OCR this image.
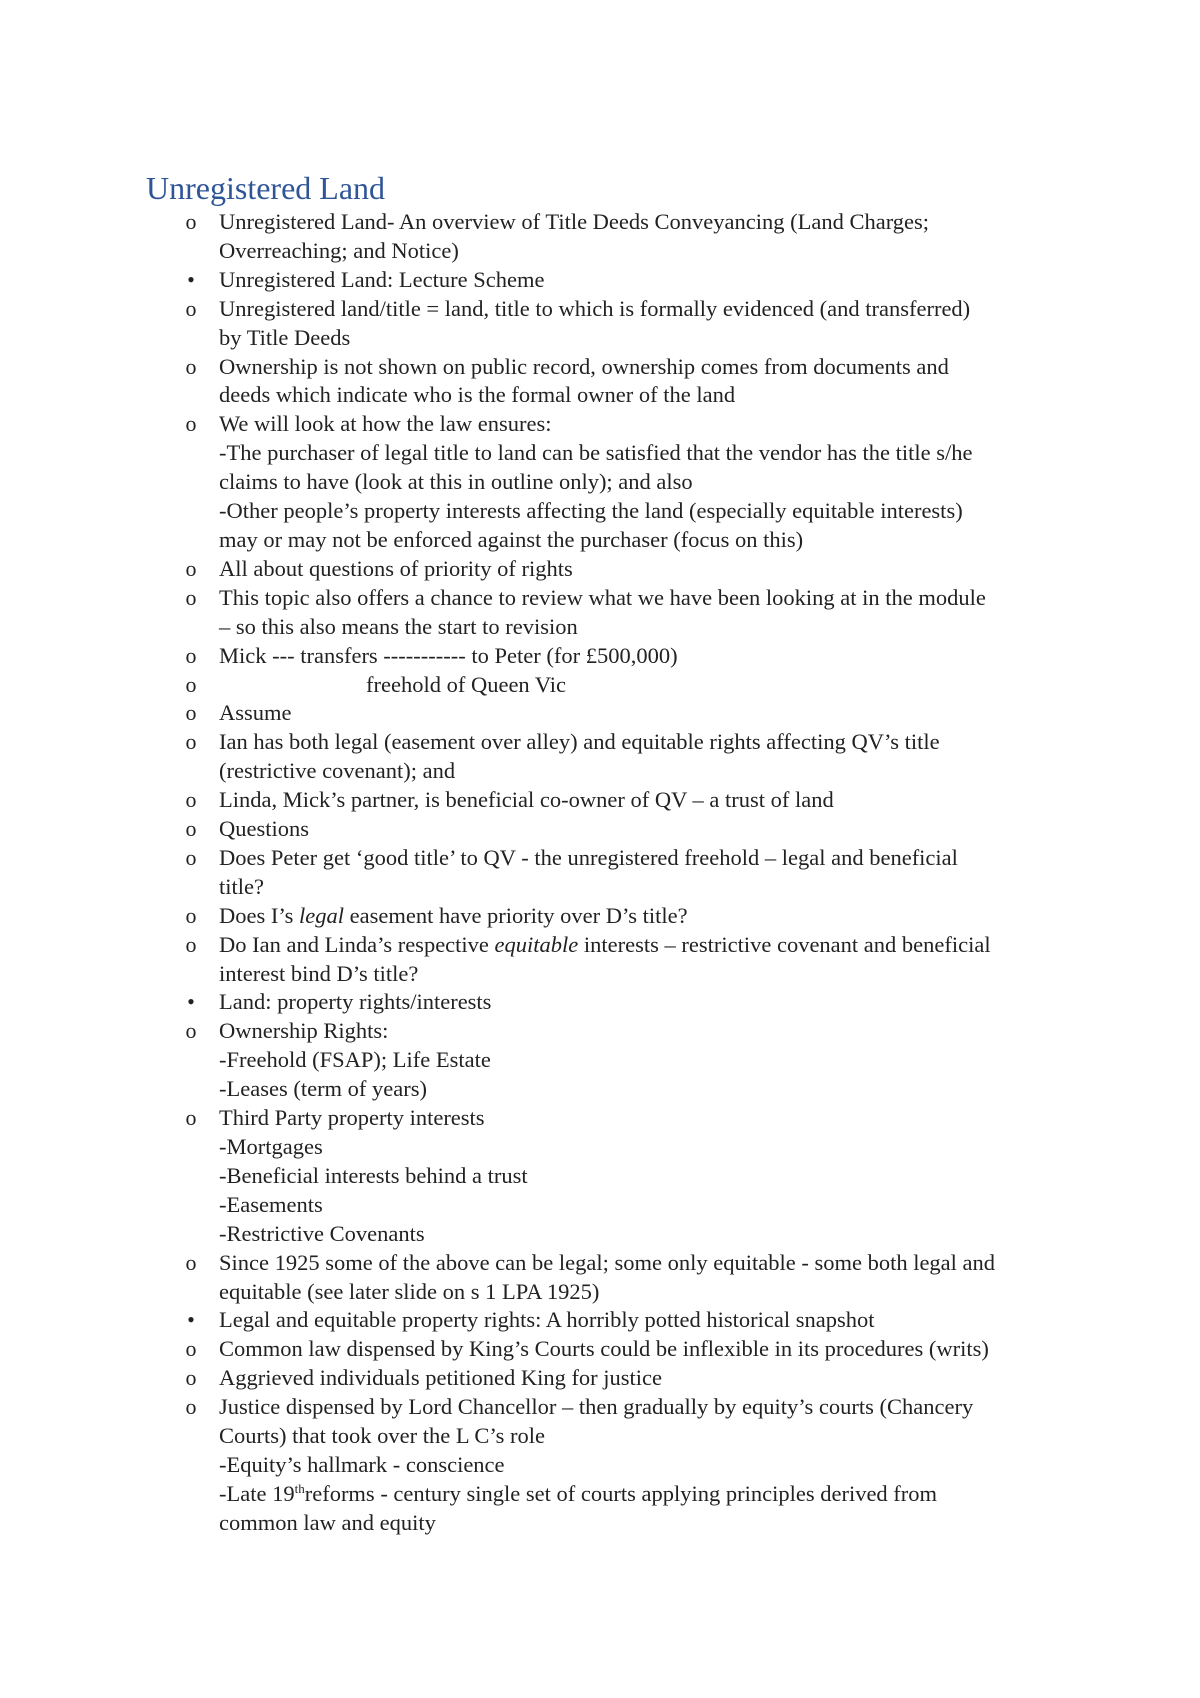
Unregistered Land
o Unregistered Land- An overview of Title Deeds Conveyancing (Land Charges;
Overreaching; and Notice)
• Unregistered Land: Lecture Scheme
o Unregistered land/title = land, title to which is formally evidenced (and transferred)
by Title Deeds
o Ownership is not shown on public record, ownership comes from documents and
deeds which indicate who is the formal owner of the land
o We will look at how the law ensures:
-The purchaser of legal title to land can be satisfied that the vendor has the title s/he
claims to have (look at this in outline only); and also
-Other people’s property interests affecting the land (especially equitable interests)
may or may not be enforced against the purchaser (focus on this)
o All about questions of priority of rights
o This topic also offers a chance to review what we have been looking at in the module
– so this also means the start to revision
o Mick --- transfers ----------- to Peter (for £500,000)
o	freehold of Queen Vic
o Assume
o Ian has both legal (easement over alley) and equitable rights affecting QV’s title
(restrictive covenant); and
o Linda, Mick’s partner, is beneficial co-owner of QV – a trust of land
o Questions
o Does Peter get ‘good title’ to QV - the unregistered freehold – legal and beneficial
title?
o Does I’s legal easement have priority over D’s title?
o Do Ian and Linda’s respective equitable interests – restrictive covenant and beneficial
interest bind D’s title?
• Land: property rights/interests
o Ownership Rights:
-Freehold (FSAP); Life Estate
-Leases (term of years)
o Third Party property interests
-Mortgages
-Beneficial interests behind a trust
-Easements
-Restrictive Covenants
o Since 1925 some of the above can be legal; some only equitable - some both legal and
equitable (see later slide on s 1 LPA 1925)
• Legal and equitable property rights: A horribly potted historical snapshot
o Common law dispensed by King’s Courts could be inflexible in its procedures (writs)
o Aggrieved individuals petitioned King for justice
o Justice dispensed by Lord Chancellor – then gradually by equity’s courts (Chancery
Courts) that took over the L C’s role
-Equity’s hallmark - conscience
-Late 19threforms - century single set of courts applying principles derived from
common law and equity
